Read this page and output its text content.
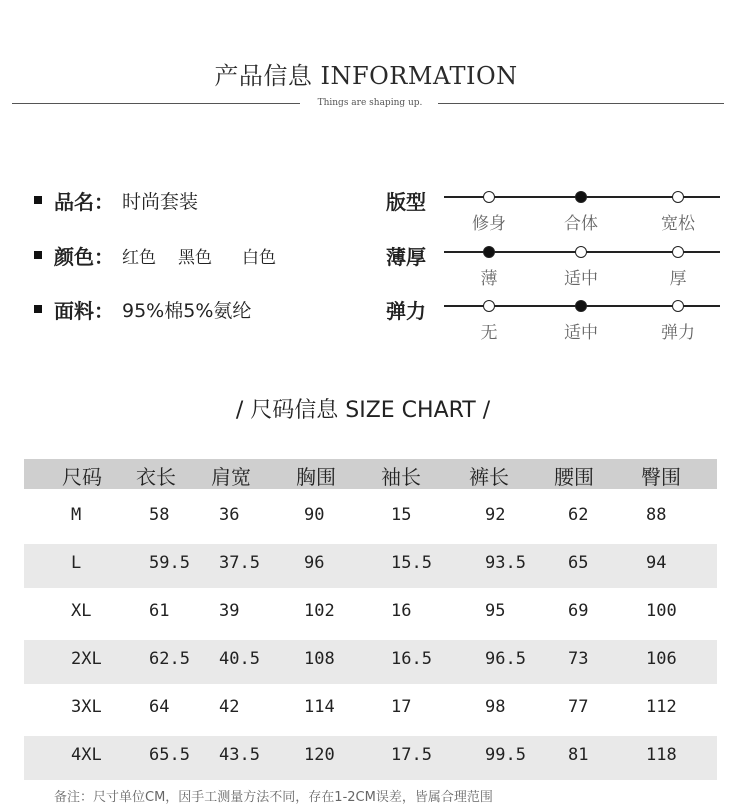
产品信息 INFORMATION
Things are shaping up.
品名： 时尚套装
颜色： 红色 黑色 白色
面料： 95%棉5%氨纶
版型
修身	合体	宽松
薄厚
薄	适中	厚
弹力
无	适中	弹力
/ 尺码信息 SIZE CHART /
尺码 衣长 肩宽 胸围 袖长 裤长 腰围 臀围
M	58	36	90	15	92	62	88
L	59.5 37.5	96	15.5	93.5 65	94
XL	61	39	102	16	95	69	100
2XL	62.5 40.5	108	16.5	96.5 73	106
3XL	64	42	114	17	98	77	112
4XL	65.5 43.5	120	17.5	99.5 81	118
备注：尺寸单位CM，因手工测量方法不同，存在1-2CM误差，皆属合理范围
